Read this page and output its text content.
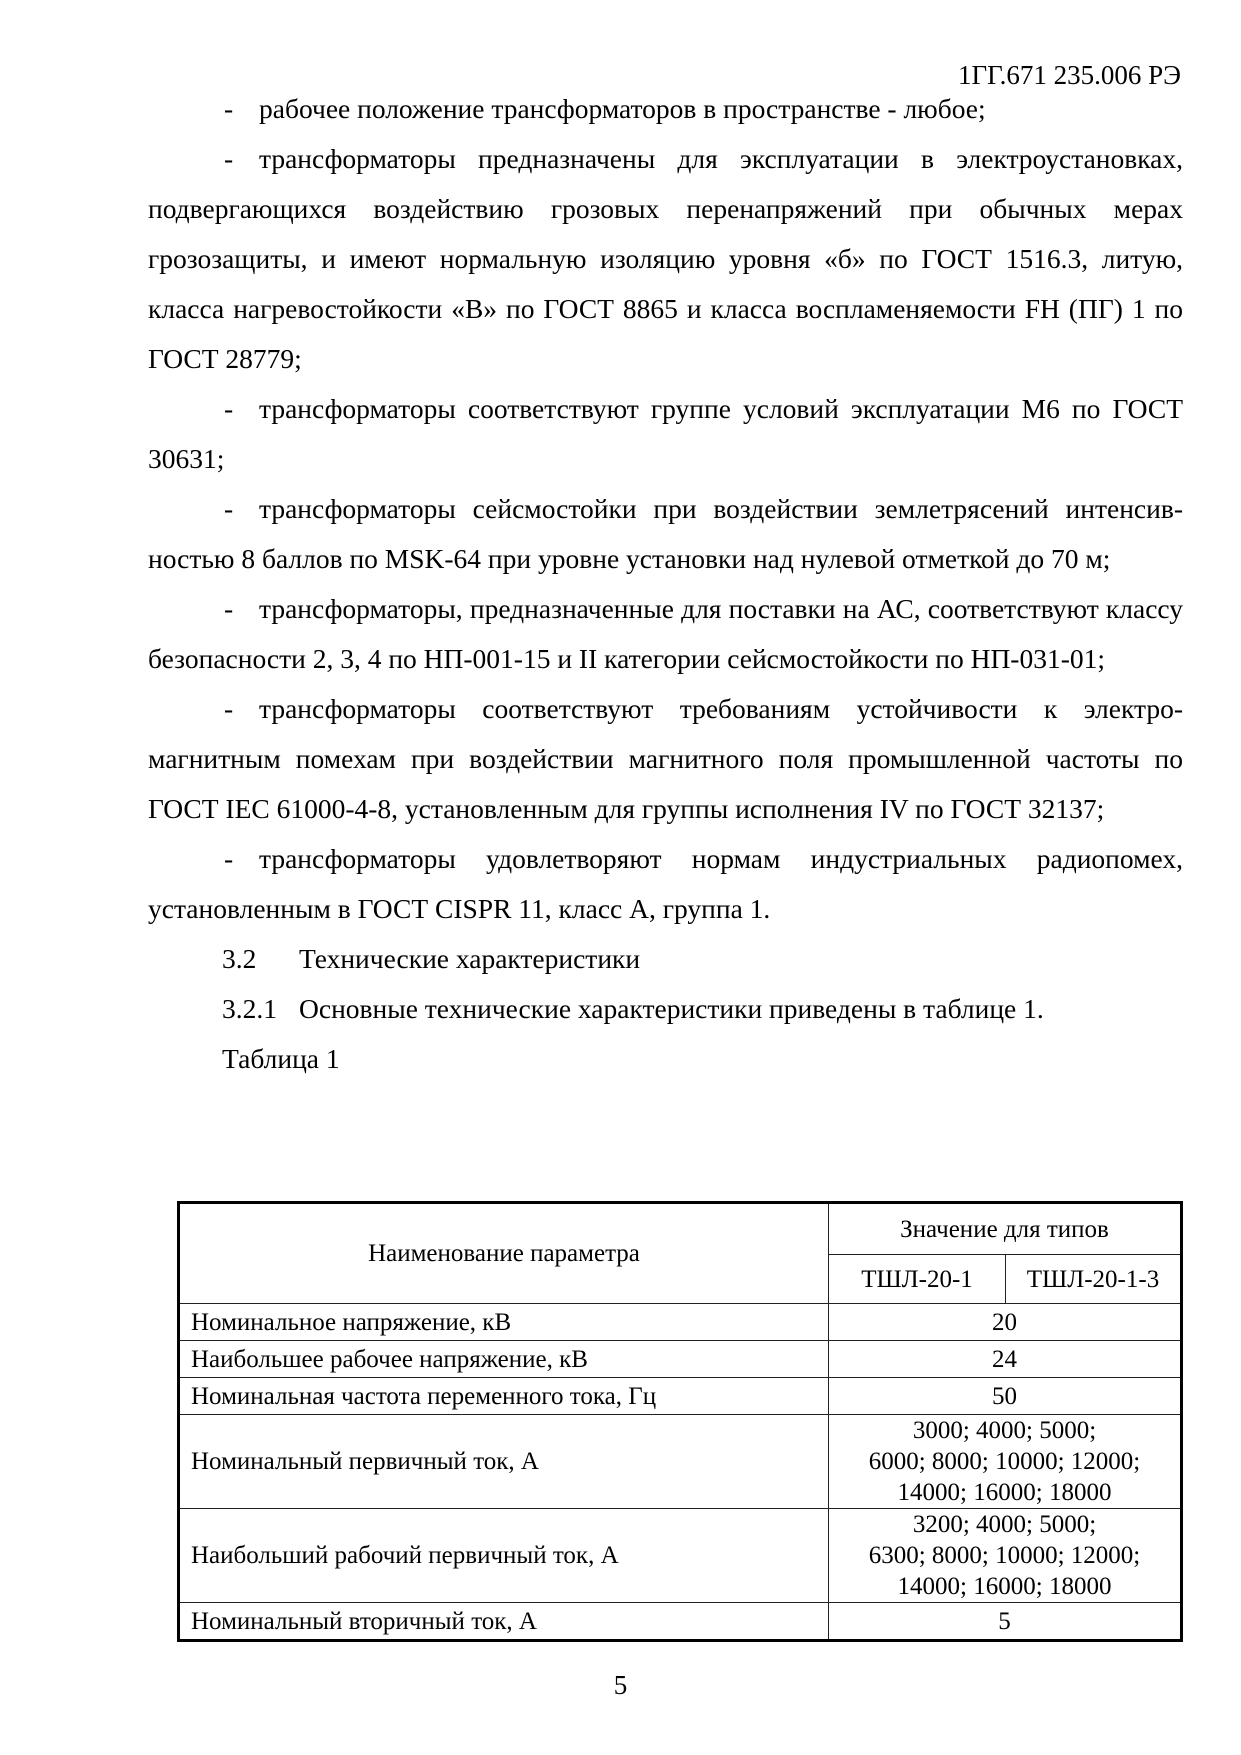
1ГГ.671 235.006 РЭ

- рабочее положение трансформаторов в пространстве - любое;

- трансформаторы предназначены для эксплуатации в электроустановках, подвергающихся воздействию грозовых перенапряжений при обычных мерах грозозащиты, и имеют нормальную изоляцию уровня «б» по ГОСТ 1516.3, литую, класса нагревостойкости «В» по ГОСТ 8865 и класса воспламеняемости FH (ПГ) 1 по ГОСТ 28779;

- трансформаторы соответствуют группе условий эксплуатации М6 по ГОСТ 30631;

- трансформаторы сейсмостойки при воздействии землетрясений интенсивностью 8 баллов по MSK-64 при уровне установки над нулевой отметкой до 70 м;

- трансформаторы, предназначенные для поставки на АС, соответствуют классу безопасности 2, 3, 4 по НП-001-15 и II категории сейсмостойкости по НП-031-01;

- трансформаторы соответствуют требованиям устойчивости к электромагнитным помехам при воздействии магнитного поля промышленной частоты по ГОСТ IEC 61000-4-8, установленным для группы исполнения IV по ГОСТ 32137;

- трансформаторы удовлетворяют нормам индустриальных радиопомех, установленным в ГОСТ CISPR 11, класс А, группа 1.

3.2 Технические характеристики

3.2.1 Основные технические характеристики приведены в таблице 1.

Таблица 1

Наименование параметра	Значение для типов	
	ТШЛ-20-1	ТШЛ-20-1-3
Номинальное напряжение, кВ	20	

Наибольшее рабочее напряжение, кВ	24	

Номинальная частота переменного тока, Гц	50	

Номинальный первичный ток, А	3000; 4000; 5000;
6000; 8000; 10000; 12000;
14000; 16000; 18000	

Наибольший рабочий первичный ток, А	3200; 4000; 5000;
6300; 8000; 10000; 12000;
14000; 16000; 18000	

Номинальный вторичный ток, А	5	
5
